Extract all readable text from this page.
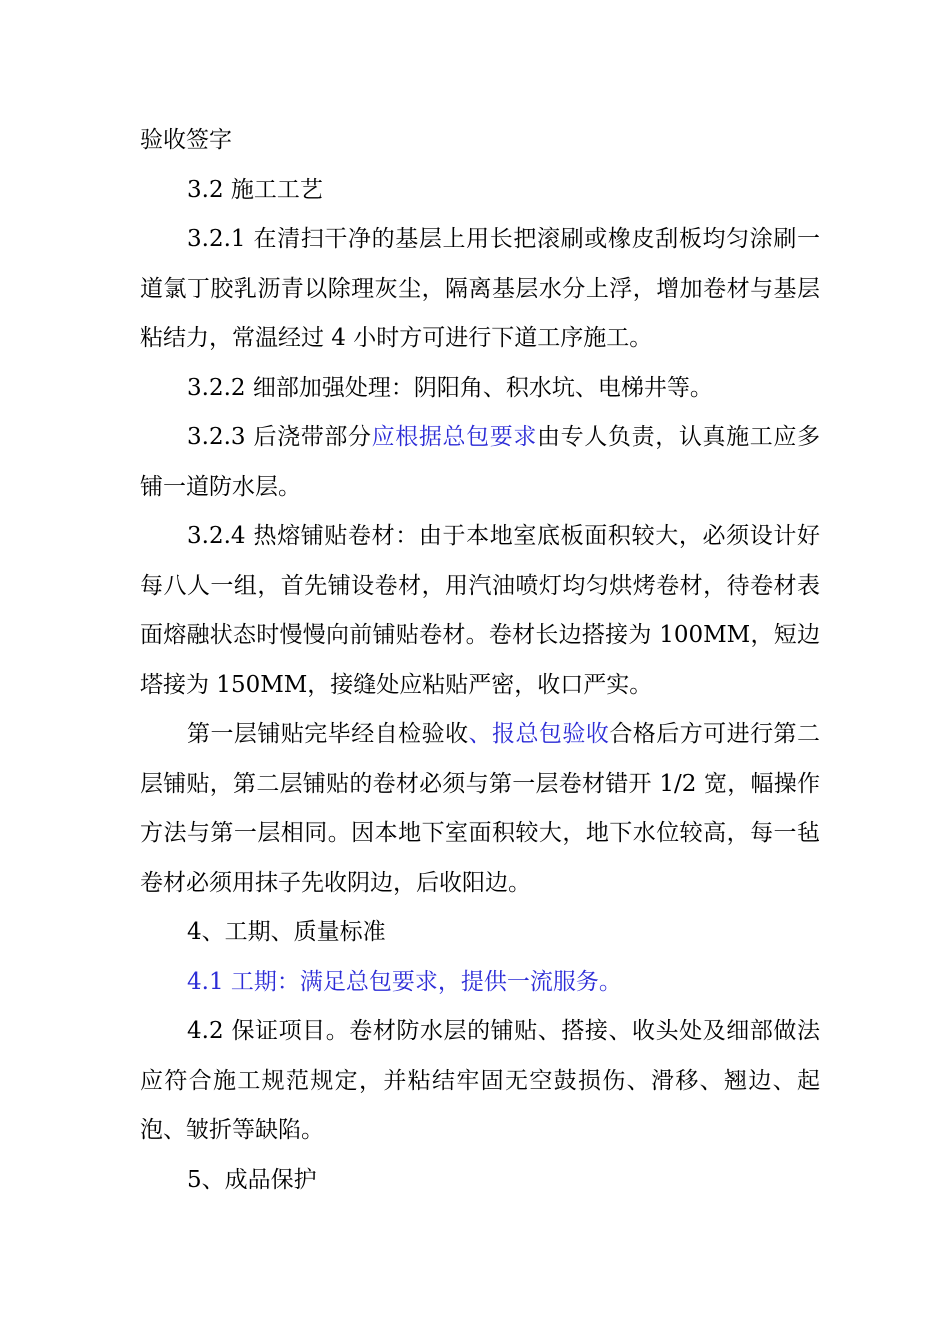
验收签字

3.2 施工工艺

3.2.1 在清扫干净的基层上用长把滚刷或橡皮刮板均匀涂刷一道氯丁胶乳沥青以除理灰尘，隔离基层水分上浮，增加卷材与基层粘结力，常温经过 4 小时方可进行下道工序施工。

3.2.2 细部加强处理：阴阳角、积水坑、电梯井等。

3.2.3 后浇带部分应根据总包要求由专人负责，认真施工应多铺一道防水层。

3.2.4 热熔铺贴卷材：由于本地室底板面积较大，必须设计好每八人一组，首先铺设卷材，用汽油喷灯均匀烘烤卷材，待卷材表面熔融状态时慢慢向前铺贴卷材。卷材长边搭接为 100MM，短边塔接为 150MM，接缝处应粘贴严密，收口严实。

第一层铺贴完毕经自检验收、报总包验收合格后方可进行第二层铺贴，第二层铺贴的卷材必须与第一层卷材错开 1/2 宽，幅操作方法与第一层相同。因本地下室面积较大，地下水位较高，每一毡卷材必须用抹子先收阴边，后收阳边。

4、工期、质量标准

4.1 工期：满足总包要求，提供一流服务。

4.2 保证项目。卷材防水层的铺贴、搭接、收头处及细部做法应符合施工规范规定，并粘结牢固无空鼓损伤、滑移、翘边、起泡、皱折等缺陷。

5、成品保护
